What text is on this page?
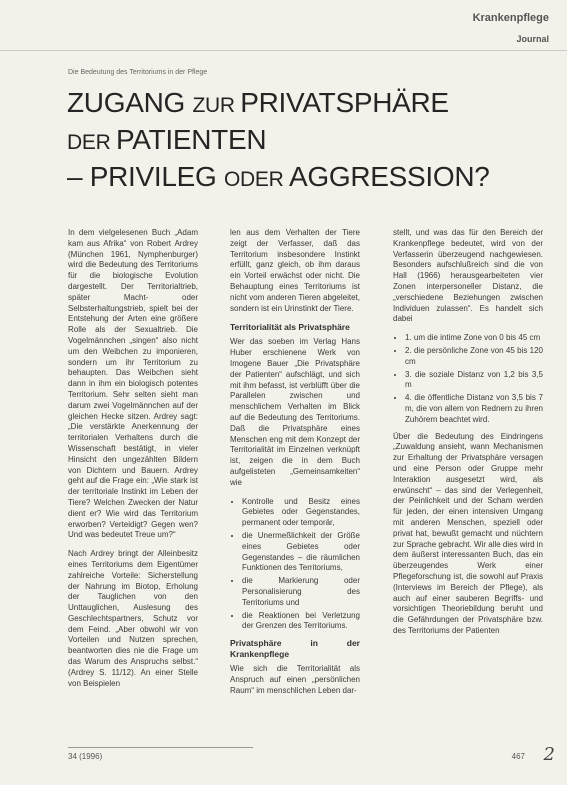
Krankenpflege
Journal
Die Bedeutung des Territoriums in der Pflege
ZUGANG ZUR PRIVATSPHÄRE
DER PATIENTEN
– PRIVILEG ODER AGGRESSION?

In dem vielgelesenen Buch „Adam kam aus Afrika“ von Robert Ardrey (München 1961, Nymphenburger) wird die Bedeutung des Territoriums für die biologische Evolution dargestellt. Der Territorialtrieb, später Macht- oder Selbsterhaltungstrieb, spielt bei der Entstehung der Arten eine größere Rolle als der Sexualtrieb. Die Vogelmännchen „singen“ also nicht um den Weibchen zu imponieren, sondern um ihr Territorium zu behaupten. Das Weibchen sieht dann in ihm ein biologisch potentes Territorium. Sehr selten sieht man darum zwei Vogelmännchen auf der gleichen Hecke sitzen. Ardrey sagt: „Die verstärkte Anerkennung der territorialen Verhaltens durch die Wissenschaft bestätigt, in vieler Hinsicht den ungezählten Bildern von Dichtern und Bauern. Ardrey geht auf die Frage ein: „Wie stark ist der territoriale Instinkt im Leben der Tiere? Welchen Zwecken der Natur dient er? Wie wird das Territorium erworben? Verteidigt? Gegen wen? Und was bedeutet Treue um?“

Nach Ardrey bringt der Alleinbesitz eines Territoriums dem Eigentümer zahlreiche Vorteile: Sicherstellung der Nahrung im Biotop, Erholung der Tauglichen von den Unttauglichen, Auslesung des Geschlechtspartners, Schutz vor dem Feind. „Aber obwohl wir von Vorteilen und Nutzen sprechen, beantworten dies nie die Frage um das Warum des Anspruchs selbst.“ (Ardrey S. 11/12). An einer Stelle von Beispielen

len aus dem Verhalten der Tiere zeigt der Verfasser, daß das Territorium insbesondere Instinkt erfüllt, ganz gleich, ob ihm daraus ein Vorteil erwächst oder nicht. Die Behauptung eines Territoriums ist nicht vom anderen Tieren abgeleitet, sondern ist ein Urinstinkt der Tiere.

Territorialität als Privatsphäre

Wer das soeben im Verlag Hans Huber erschienene Werk von Imogene Bauer „Die Privatsphäre der Patienten“ aufschlägt, und sich mit ihm befasst, ist verblüfft über die Parallelen zwischen und menschlichem Verhalten im Blick auf die Bedeutung des Territoriums. Daß die Privatsphäre eines Menschen eng mit dem Konzept der Territorialität im Einzelnen verknüpft ist, zeigen die in dem Buch aufgelisteten „Gemeinsamkeiten“ wie

• Kontrolle und Besitz eines Gebietes oder Gegenstandes, permanent oder temporär,
• die Unermeßlichkeit der Größe eines Gebietes oder Gegenstandes – die räumlichen Funktionen des Territoriums,
• die Markierung oder Personalisierung des Territoriums und
• die Reaktionen bei Verletzung der Grenzen des Territoriums.
Privatsphäre in der Krankenpflege

Wie sich die Territorialität als Anspruch auf einen „persönlichen Raum“ im menschlichen Leben dar-

stellt, und was das für den Bereich der Krankenpflege bedeutet, wird von der Verfasserin überzeugend nachgewiesen. Besonders aufschlußreich sind die von Hall (1966) herausgearbeiteten vier Zonen interpersoneller Distanz, die „verschiedene Beziehungen zwischen Individuen zulassen“. Es handelt sich dabei

• 1. um die intime Zone von 0 bis 45 cm
• 2. die persönliche Zone von 45 bis 120 cm
• 3. die soziale Distanz von 1,2 bis 3,5 m
• 4. die öffentliche Distanz von 3,5 bis 7 m, die von allem von Rednern zu ihren Zuhörern beachtet wird.

Über die Bedeutung des Eindringens „Zuwaldung ansieht, wann Mechanismen zur Erhaltung der Privatsphäre versagen und eine Person oder Gruppe mehr Interaktion ausgesetzt wird, als erwünscht“ – das sind der Verlegenheit, der Peinlichkeit und der Scham werden für jeden, der einen intensiven Umgang mit anderen Menschen, speziell oder privat hat, bewußt gemacht und nüchtern zur Sprache gebracht. Wir alle dies wird in dem äußerst interessanten Buch, das ein überzeugendes Werk einer Pflegeforschung ist, die sowohl auf Praxis (Interviews im Bereich der Pflege), als auch auf einer sauberen Begriffs- und vorsichtigen Theoriebildung beruht und die Gefährdungen der Privatsphäre bzw. des Territoriums der Patienten

34 (1996)	467 2
